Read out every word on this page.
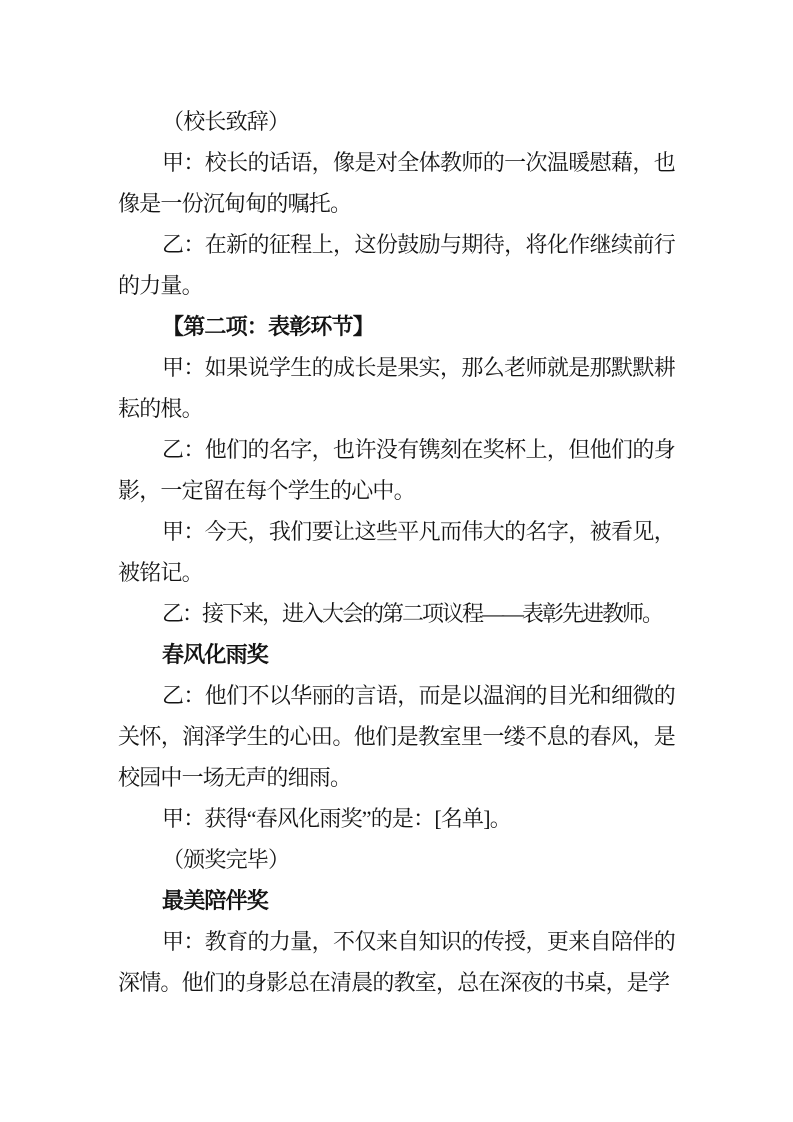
（校长致辞）

甲：校长的话语，像是对全体教师的一次温暖慰藉，也像是一份沉甸甸的嘱托。

乙：在新的征程上，这份鼓励与期待，将化作继续前行的力量。

【第二项：表彰环节】

甲：如果说学生的成长是果实，那么老师就是那默默耕耘的根。

乙：他们的名字，也许没有镌刻在奖杯上，但他们的身影，一定留在每个学生的心中。

甲：今天，我们要让这些平凡而伟大的名字，被看见，被铭记。

乙：接下来，进入大会的第二项议程——表彰先进教师。

春风化雨奖

乙：他们不以华丽的言语，而是以温润的目光和细微的关怀，润泽学生的心田。他们是教室里一缕不息的春风，是校园中一场无声的细雨。

甲：获得“春风化雨奖”的是：[名单]。

（颁奖完毕）

最美陪伴奖

甲：教育的力量，不仅来自知识的传授，更来自陪伴的深情。他们的身影总在清晨的教室，总在深夜的书桌，是学
